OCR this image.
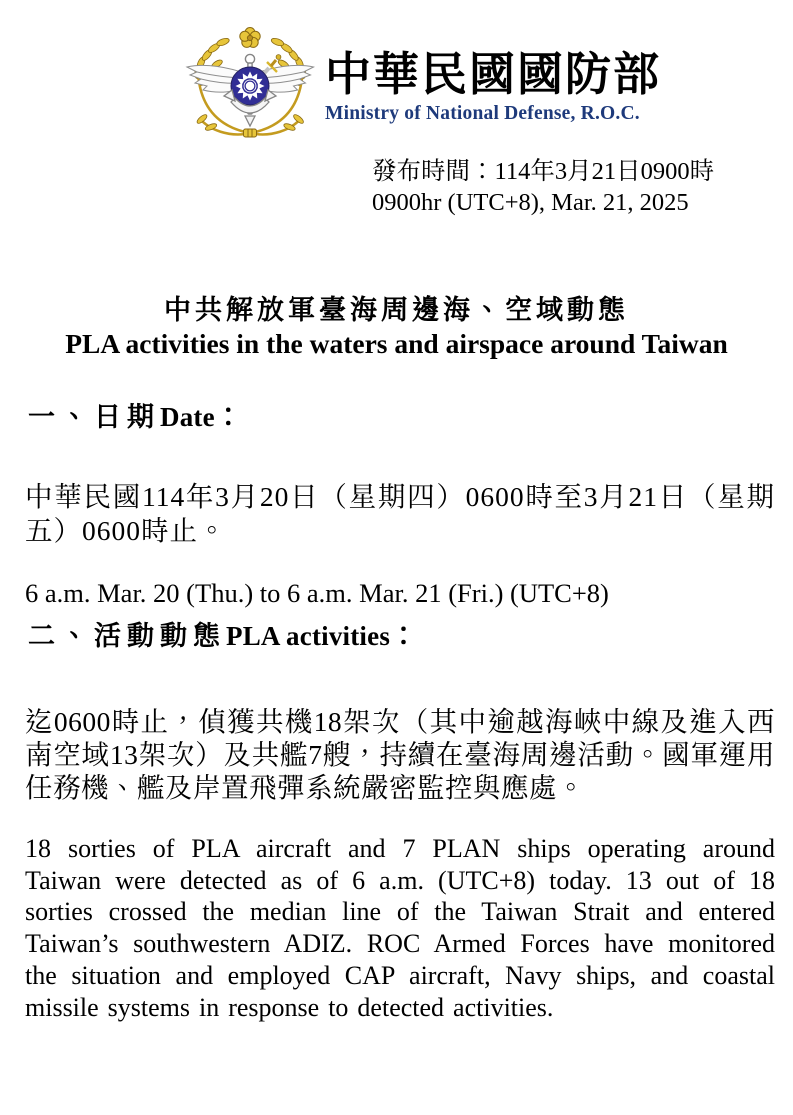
中華民國國防部
Ministry of National Defense, R.O.C.
發布時間：114年3月21日0900時
0900hr (UTC+8), Mar. 21, 2025
中共解放軍臺海周邊海、空域動態
PLA activities in the waters and airspace around Taiwan
一、日期Date：

中華民國114年3月20日（星期四）0600時至3月21日（星期五）0600時止。

6 a.m. Mar. 20 (Thu.) to 6 a.m. Mar. 21 (Fri.) (UTC+8)

二、活動動態PLA activities：

迄0600時止，偵獲共機18架次（其中逾越海峽中線及進入西南空域13架次）及共艦7艘，持續在臺海周邊活動。國軍運用任務機、艦及岸置飛彈系統嚴密監控與應處。

18 sorties of PLA aircraft and 7 PLAN ships operating around Taiwan were detected as of 6 a.m. (UTC+8) today. 13 out of 18 sorties crossed the median line of the Taiwan Strait and entered Taiwan’s southwestern ADIZ. ROC Armed Forces have monitored the situation and employed CAP aircraft, Navy ships, and coastal missile systems in response to detected activities.
